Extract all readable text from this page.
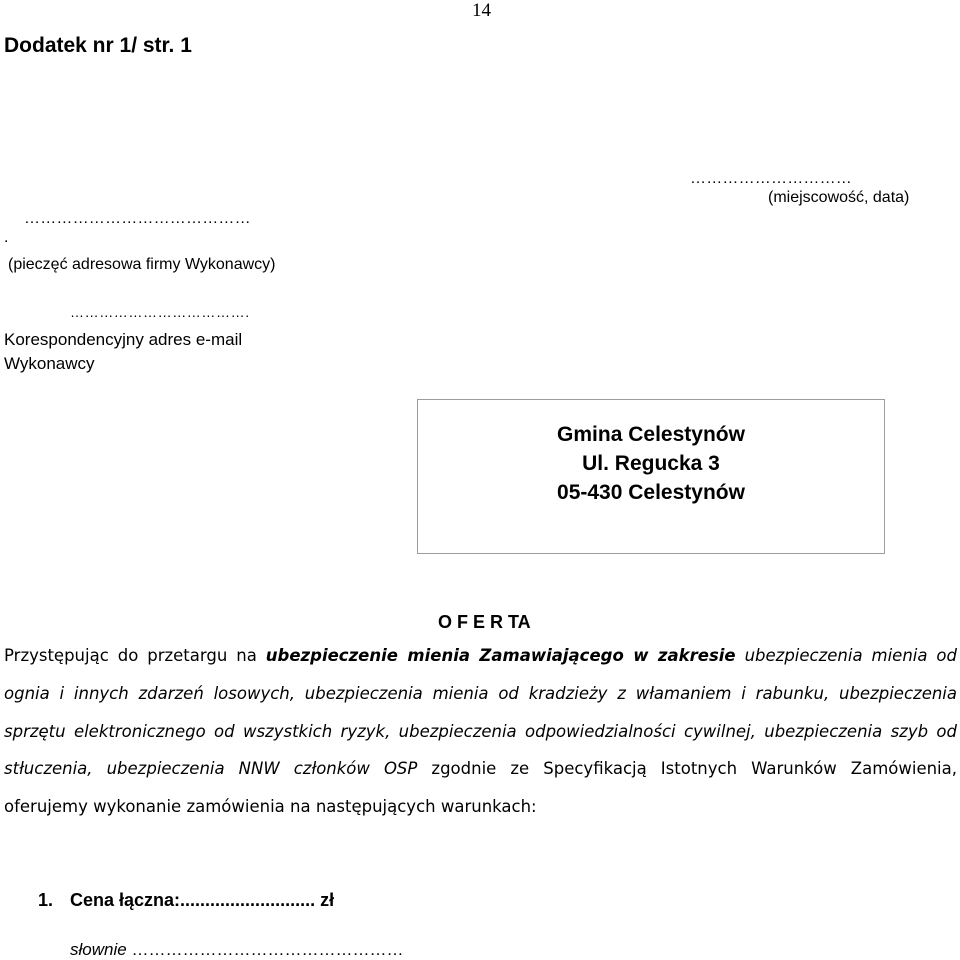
14
Dodatek nr 1/ str. 1
…………………………
(miejscowość, data)
……………………………………
.
(pieczęć adresowa firmy Wykonawcy)
……………………………….
Korespondencyjny adres e-mail Wykonawcy
Gmina Celestynów
Ul. Regucka 3
05-430 Celestynów
O F E R TA
Przystępując do przetargu na ubezpieczenie mienia Zamawiającego w zakresie ubezpieczenia mienia od ognia i innych zdarzeń losowych, ubezpieczenia mienia od kradzieży z włamaniem i rabunku, ubezpieczenia sprzętu elektronicznego od wszystkich ryzyk, ubezpieczenia odpowiedzialności cywilnej, ubezpieczenia szyb od stłuczenia, ubezpieczenia NNW członków OSP zgodnie ze Specyfikacją Istotnych Warunków Zamówienia, oferujemy wykonanie zamówienia na następujących warunkach:
1. Cena łączna:........................... zł
słownie …………………………………………
